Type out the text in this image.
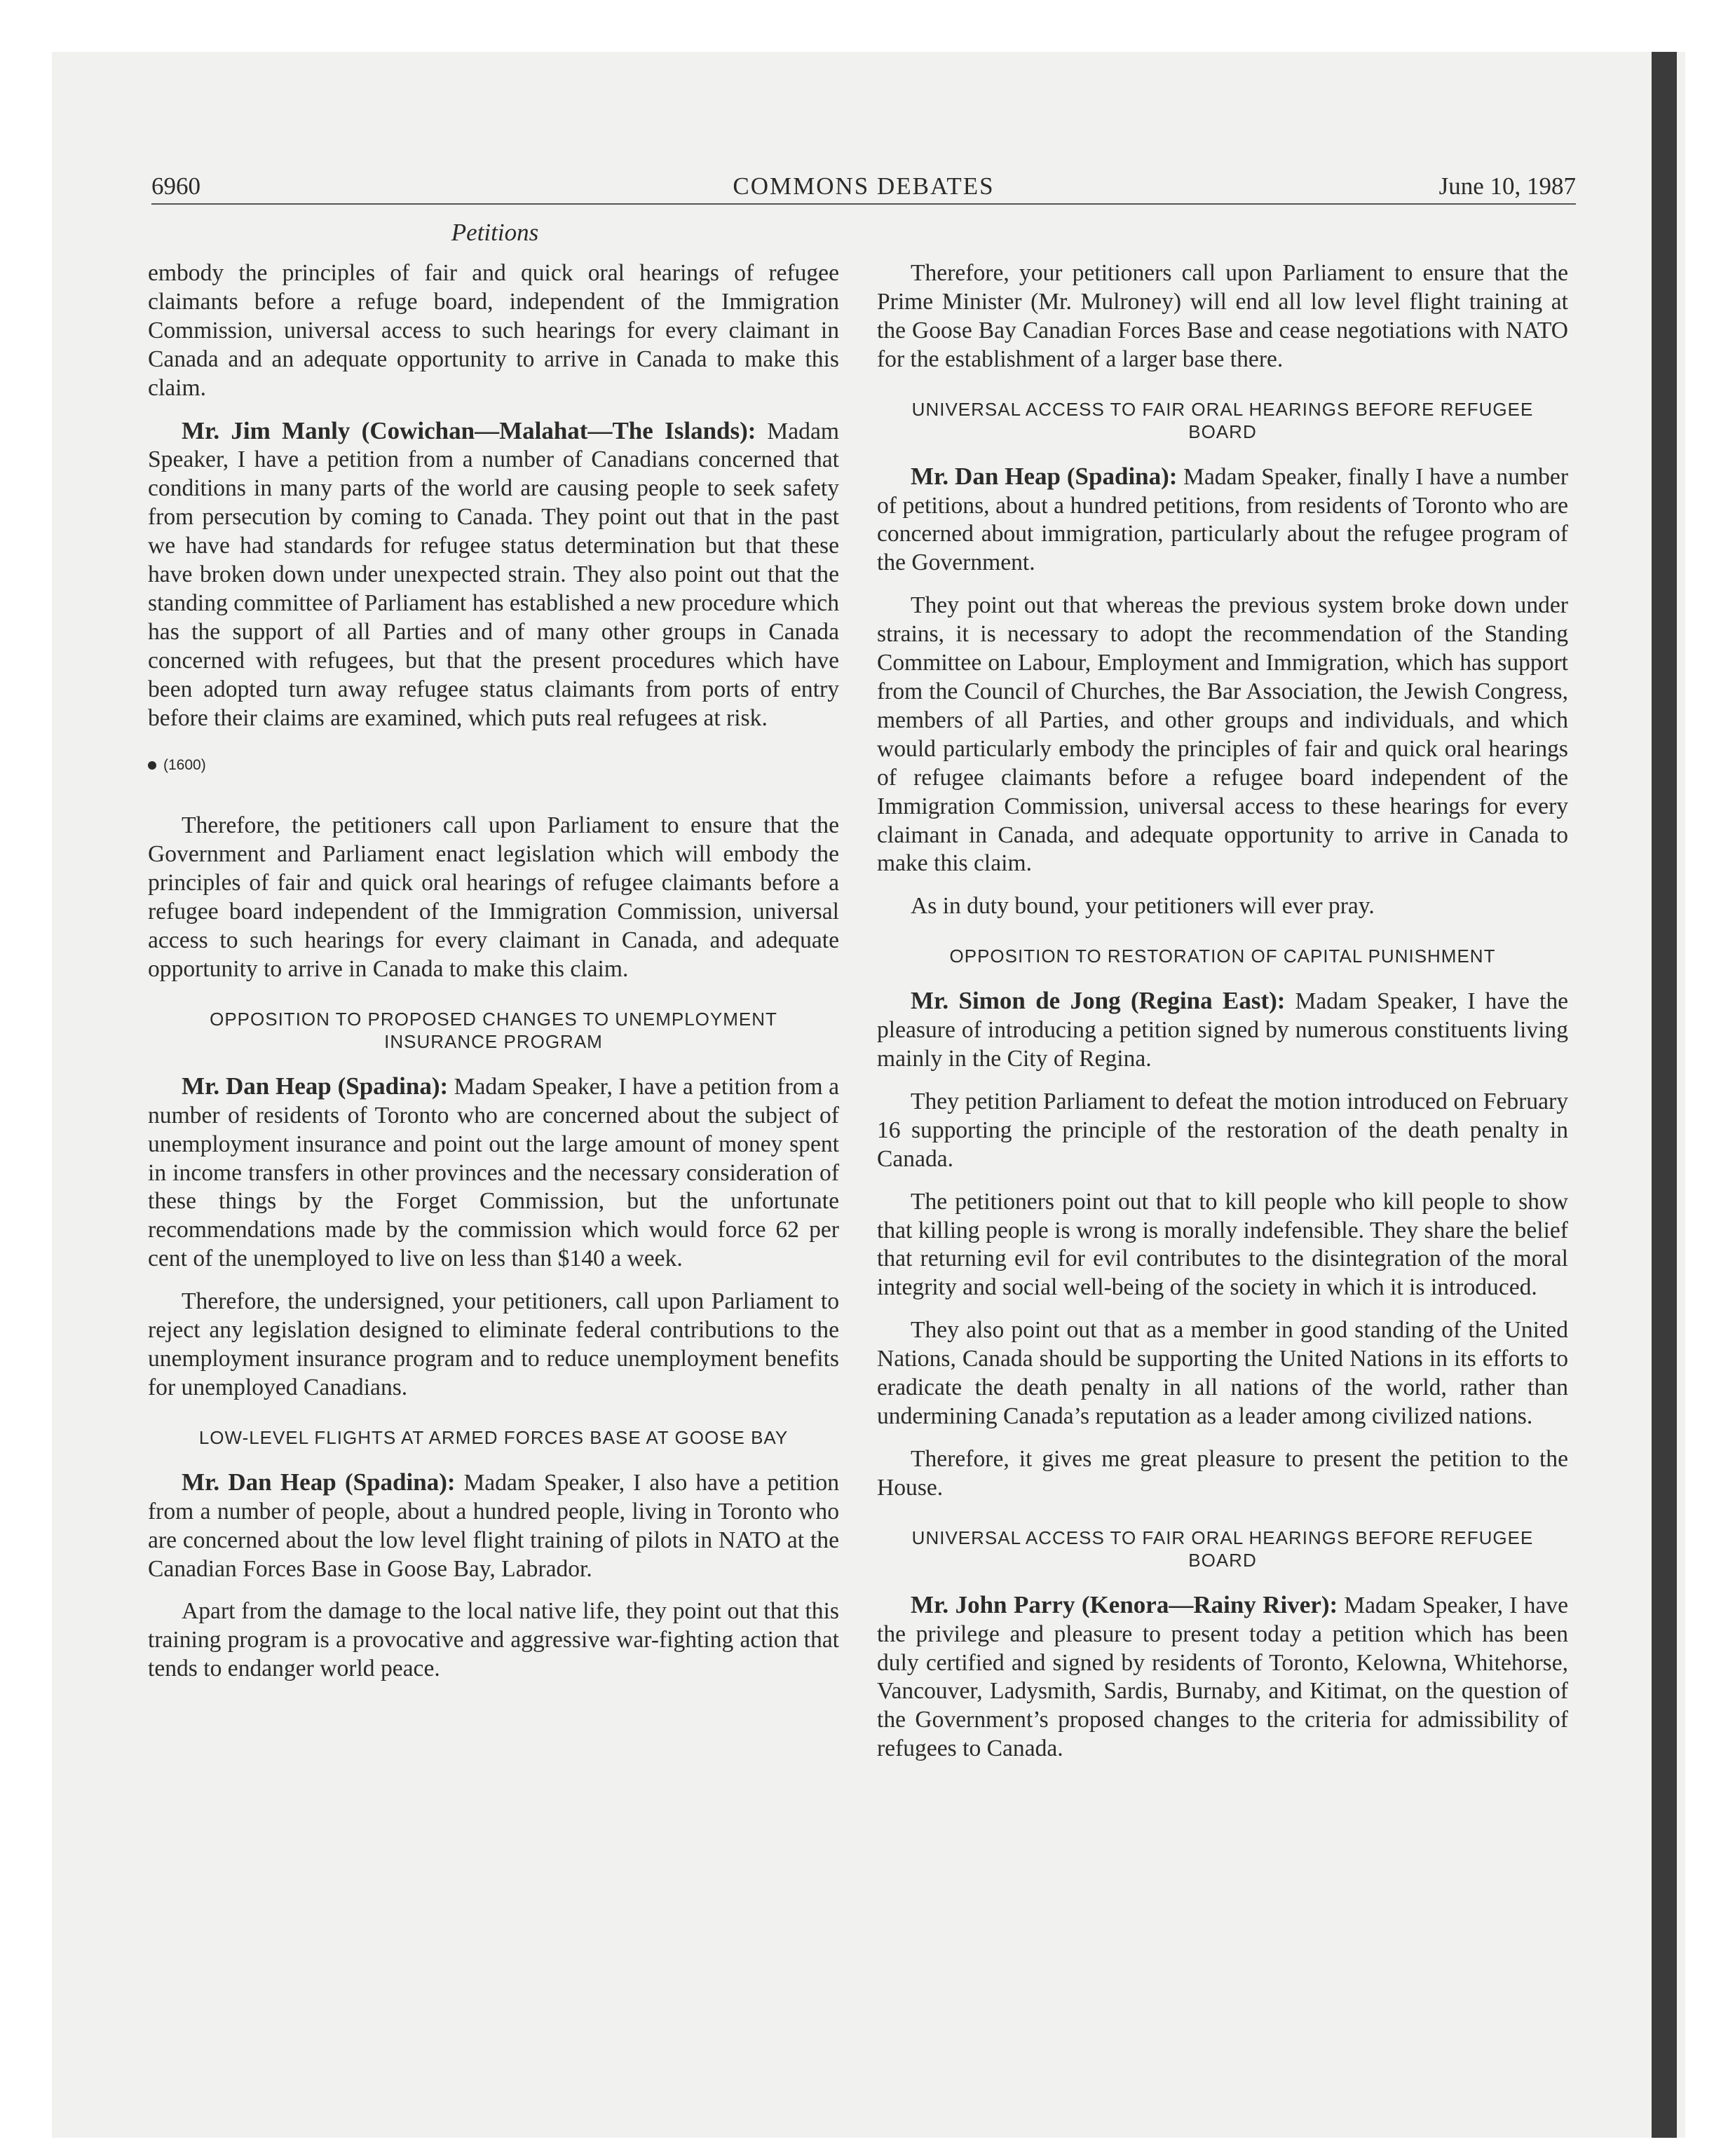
6960	COMMONS DEBATES	June 10, 1987
Petitions

embody the principles of fair and quick oral hearings of refugee claimants before a refuge board, independent of the Immigration Commission, universal access to such hearings for every claimant in Canada and an adequate opportunity to arrive in Canada to make this claim.

Mr. Jim Manly (Cowichan—Malahat—The Islands): Madam Speaker, I have a petition from a number of Canadians concerned that conditions in many parts of the world are causing people to seek safety from persecution by coming to Canada. They point out that in the past we have had standards for refugee status determination but that these have broken down under unexpected strain. They also point out that the standing committee of Parliament has established a new procedure which has the support of all Parties and of many other groups in Canada concerned with refugees, but that the present procedures which have been adopted turn away refugee status claimants from ports of entry before their claims are examined, which puts real refugees at risk.

(1600)

Therefore, the petitioners call upon Parliament to ensure that the Government and Parliament enact legislation which will embody the principles of fair and quick oral hearings of refugee claimants before a refugee board independent of the Immigration Commission, universal access to such hearings for every claimant in Canada, and adequate opportunity to arrive in Canada to make this claim.

OPPOSITION TO PROPOSED CHANGES TO UNEMPLOYMENT INSURANCE PROGRAM

Mr. Dan Heap (Spadina): Madam Speaker, I have a petition from a number of residents of Toronto who are concerned about the subject of unemployment insurance and point out the large amount of money spent in income transfers in other provinces and the necessary consideration of these things by the Forget Commission, but the unfortunate recommendations made by the commission which would force 62 per cent of the unemployed to live on less than $140 a week.

Therefore, the undersigned, your petitioners, call upon Parliament to reject any legislation designed to eliminate federal contributions to the unemployment insurance program and to reduce unemployment benefits for unemployed Canadians.

LOW-LEVEL FLIGHTS AT ARMED FORCES BASE AT GOOSE BAY

Mr. Dan Heap (Spadina): Madam Speaker, I also have a petition from a number of people, about a hundred people, living in Toronto who are concerned about the low level flight training of pilots in NATO at the Canadian Forces Base in Goose Bay, Labrador.

Apart from the damage to the local native life, they point out that this training program is a provocative and aggressive war-fighting action that tends to endanger world peace.

Therefore, your petitioners call upon Parliament to ensure that the Prime Minister (Mr. Mulroney) will end all low level flight training at the Goose Bay Canadian Forces Base and cease negotiations with NATO for the establishment of a larger base there.

UNIVERSAL ACCESS TO FAIR ORAL HEARINGS BEFORE REFUGEE BOARD

Mr. Dan Heap (Spadina): Madam Speaker, finally I have a number of petitions, about a hundred petitions, from residents of Toronto who are concerned about immigration, particularly about the refugee program of the Government.

They point out that whereas the previous system broke down under strains, it is necessary to adopt the recommendation of the Standing Committee on Labour, Employment and Immigration, which has support from the Council of Churches, the Bar Association, the Jewish Congress, members of all Parties, and other groups and individuals, and which would particularly embody the principles of fair and quick oral hearings of refugee claimants before a refugee board independent of the Immigration Commission, universal access to these hearings for every claimant in Canada, and adequate opportunity to arrive in Canada to make this claim.

As in duty bound, your petitioners will ever pray.

OPPOSITION TO RESTORATION OF CAPITAL PUNISHMENT

Mr. Simon de Jong (Regina East): Madam Speaker, I have the pleasure of introducing a petition signed by numerous constituents living mainly in the City of Regina.

They petition Parliament to defeat the motion introduced on February 16 supporting the principle of the restoration of the death penalty in Canada.

The petitioners point out that to kill people who kill people to show that killing people is wrong is morally indefensible. They share the belief that returning evil for evil contributes to the disintegration of the moral integrity and social well-being of the society in which it is introduced.

They also point out that as a member in good standing of the United Nations, Canada should be supporting the United Nations in its efforts to eradicate the death penalty in all nations of the world, rather than undermining Canada’s reputation as a leader among civilized nations.

Therefore, it gives me great pleasure to present the petition to the House.

UNIVERSAL ACCESS TO FAIR ORAL HEARINGS BEFORE REFUGEE BOARD

Mr. John Parry (Kenora—Rainy River): Madam Speaker, I have the privilege and pleasure to present today a petition which has been duly certified and signed by residents of Toronto, Kelowna, Whitehorse, Vancouver, Ladysmith, Sardis, Burnaby, and Kitimat, on the question of the Government’s proposed changes to the criteria for admissibility of refugees to Canada.
